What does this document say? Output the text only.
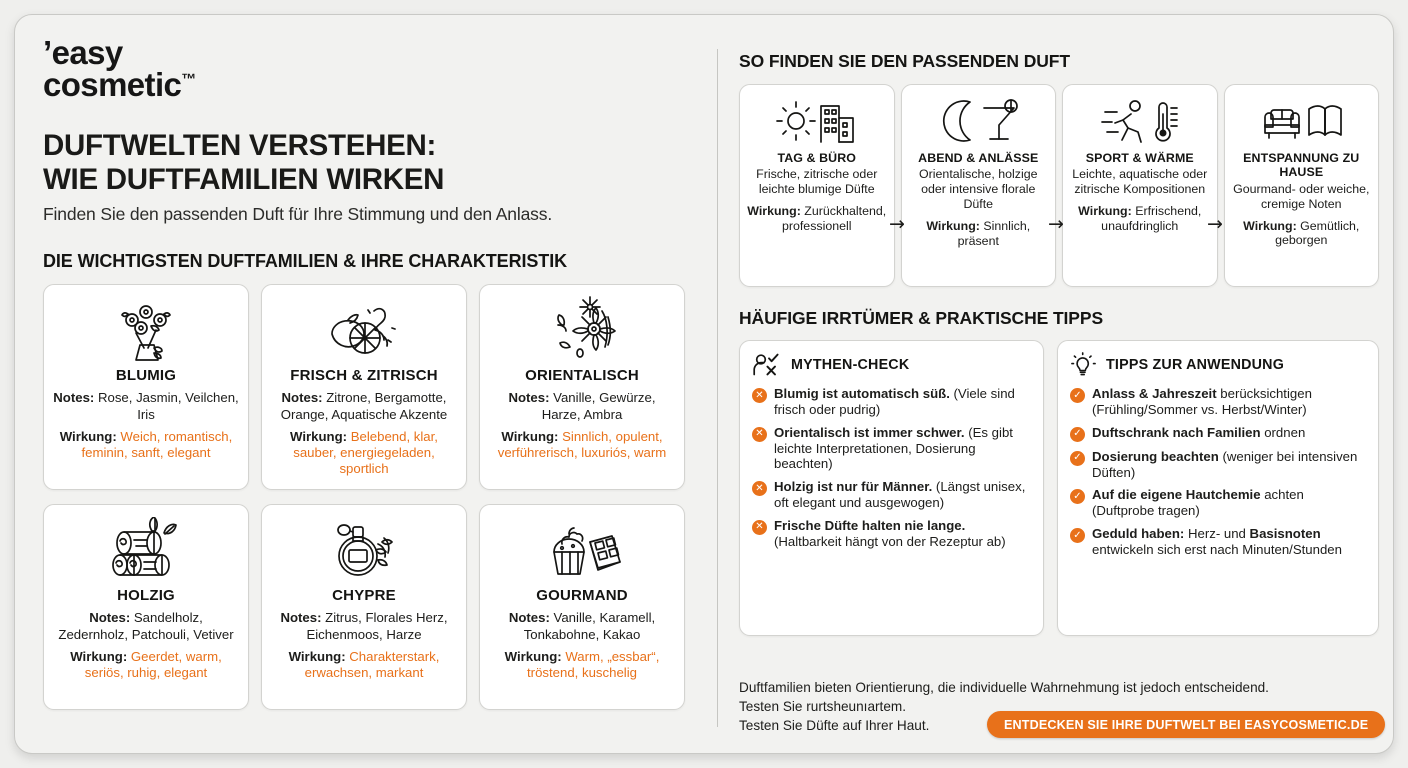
’easy
cosmetic™
DUFTWELTEN VERSTEHEN:
WIE DUFTFAMILIEN WIRKEN
Finden Sie den passenden Duft für Ihre Stimmung und den Anlass.
DIE WICHTIGSTEN DUFTFAMILIEN & IHRE CHARAKTERISTIK
BLUMIG
Notes: Rose, Jasmin, Veilchen, Iris
Wirkung: Weich, romantisch, feminin, sanft, elegant
FRISCH & ZITRISCH
Notes: Zitrone, Bergamotte, Orange, Aquatische Akzente
Wirkung: Belebend, klar, sauber, energiegeladen, sportlich
ORIENTALISCH
Notes: Vanille, Gewürze, Harze, Ambra
Wirkung: Sinnlich, opulent, verführerisch, luxuriós, warm
HOLZIG
Notes: Sandelholz, Zedernholz, Patchouli, Vetiver
Wirkung: Geerdet, warm, seriös, ruhig, elegant
CHYPRE
Notes: Zitrus, Florales Herz, Eichenmoos, Harze
Wirkung: Charakterstark, erwachsen, markant
GOURMAND
Notes: Vanille, Karamell, Tonkabohne, Kakao
Wirkung: Warm, „essbar“, tröstend, kuschelig
SO FINDEN SIE DEN PASSENDEN DUFT
TAG & BÜRO
Frische, zitrische oder leichte blumige Düfte
Wirkung: Zurückhaltend, professionell
ABEND & ANLÄSSE
Orientalische, holzige oder intensive florale Düfte
Wirkung: Sinnlich, präsent
SPORT & WÄRME
Leichte, aquatische oder zitrische Kompositionen
Wirkung: Erfrischend, unaufdringlich
ENTSPANNUNG ZU HAUSE
Gourmand- oder weiche, cremige Noten
Wirkung: Gemütlich, geborgen
→	→	→
HÄUFIGE IRRTÜMER & PRAKTISCHE TIPPS
MYTHEN-CHECK
✕ Blumig ist automatisch süß. (Viele sind frisch oder pudrig)
✕ Orientalisch ist immer schwer. (Es gibt leichte Interpretationen, Dosierung beachten)
✕ Holzig ist nur für Männer. (Längst unisex, oft elegant und ausgewogen)
✕ Frische Düfte halten nie lange. (Haltbarkeit hängt von der Rezeptur ab)
TIPPS ZUR ANWENDUNG
✓ Anlass & Jahreszeit berücksichtigen (Frühling/Sommer vs. Herbst/Winter)
✓ Duftschrank nach Familien ordnen
✓ Dosierung beachten (weniger bei intensiven Düften)
✓ Auf die eigene Hautchemie achten (Duftprobe tragen)
✓ Geduld haben: Herz- und Basisnoten entwickeln sich erst nach Minuten/Stunden
Duftfamilien bieten Orientierung, die individuelle Wahrnehmung ist jedoch entscheidend.
Testen Sie rurtsheunıartem.
Testen Sie Düfte auf Ihrer Haut.	ENTDECKEN SIE IHRE DUFTWELT BEI EASYCOSMETIC.DE
